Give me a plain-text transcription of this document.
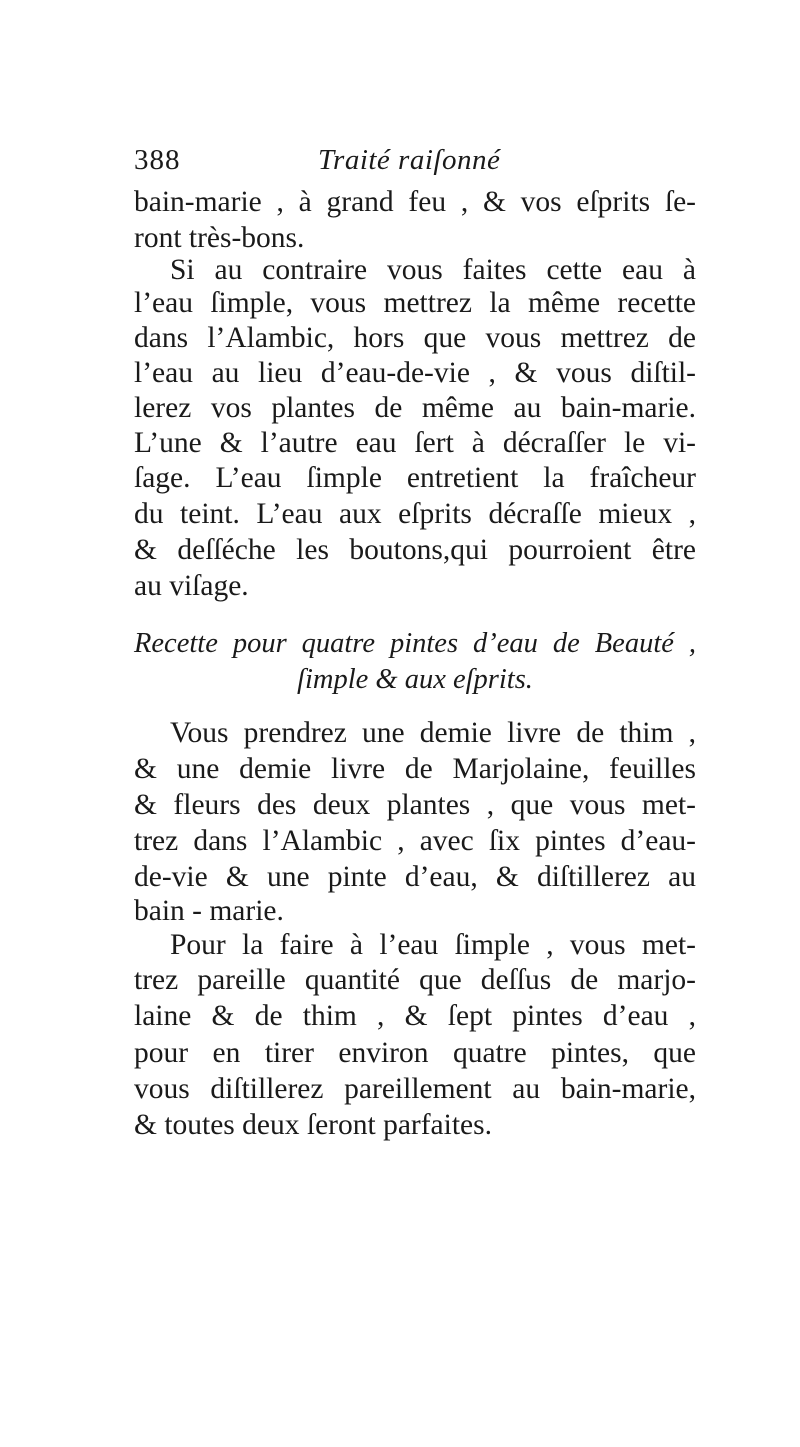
388	Traité raiſonné
bain-marie , à grand feu , & vos eſprits ſe-
ront très-bons.
Si au contraire vous faites cette eau à
l’eau ſimple, vous mettrez la même recette
dans l’Alambic, hors que vous mettrez de
l’eau au lieu d’eau-de-vie , & vous diſtil-
lerez vos plantes de même au bain-marie.
L’une & l’autre eau ſert à décraſſer le vi-
ſage. L’eau ſimple entretient la fraîcheur
du teint. L’eau aux eſprits décraſſe mieux ,
& deſſéche les boutons,qui pourroient être
au viſage.
Recette pour quatre pintes d’eau de Beauté ,
ſimple & aux eſprits.
Vous prendrez une demie livre de thim ,
& une demie livre de Marjolaine, feuilles
& fleurs des deux plantes , que vous met-
trez dans l’Alambic , avec ſix pintes d’eau-
de-vie & une pinte d’eau, & diſtillerez au
bain - marie.
Pour la faire à l’eau ſimple , vous met-
trez pareille quantité que deſſus de marjo-
laine & de thim , & ſept pintes d’eau ,
pour en tirer environ quatre pintes, que
vous diſtillerez pareillement au bain-marie,
& toutes deux ſeront parfaites.
